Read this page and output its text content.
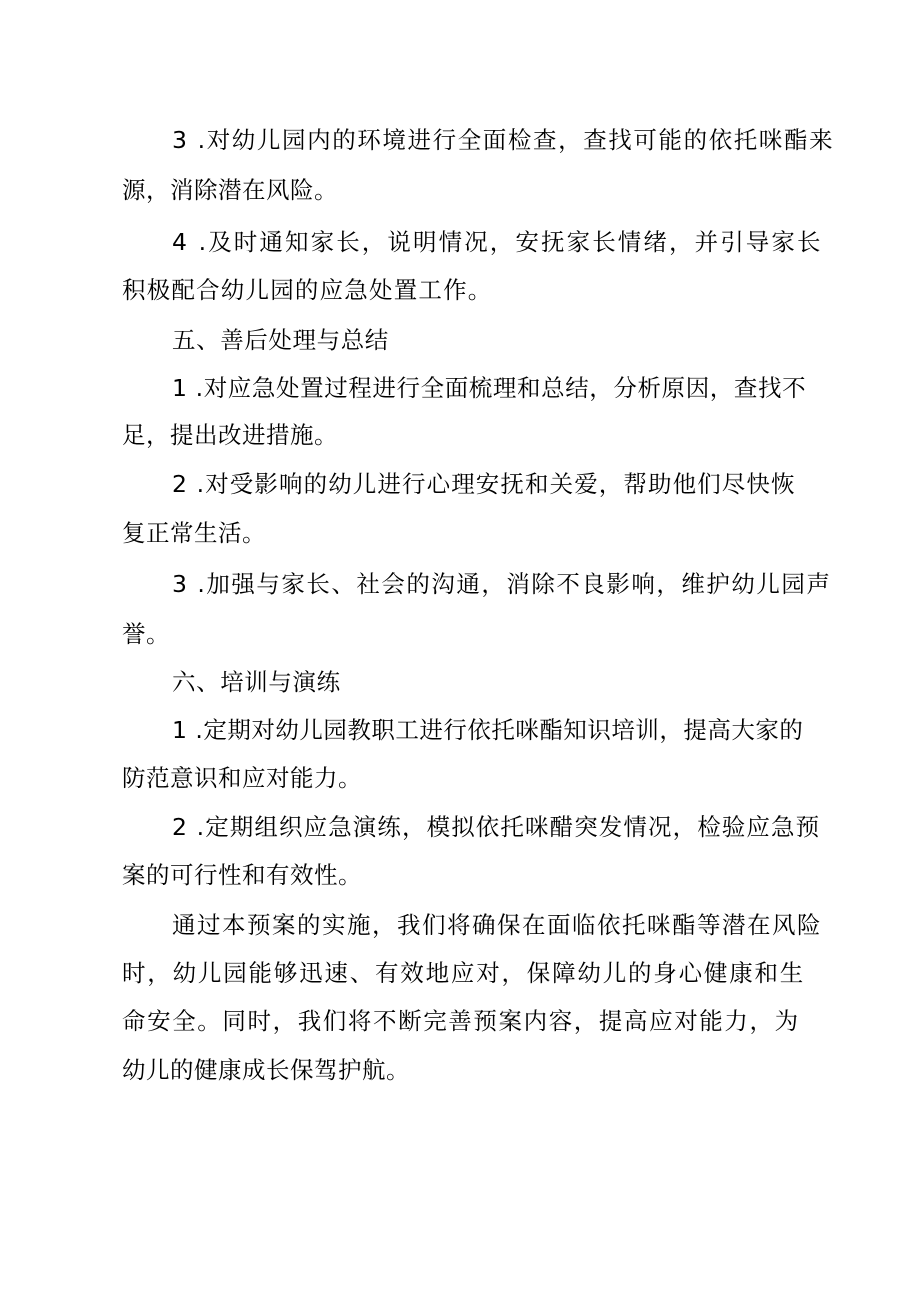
3 .对幼儿园内的环境进行全面检查，查找可能的依托咪酯来
源，消除潜在风险。
4 .及时通知家长，说明情况，安抚家长情绪，并引导家长
积极配合幼儿园的应急处置工作。
五、善后处理与总结
1 .对应急处置过程进行全面梳理和总结，分析原因，查找不
足，提出改进措施。
2 .对受影响的幼儿进行心理安抚和关爱，帮助他们尽快恢
复正常生活。
3 .加强与家长、社会的沟通，消除不良影响，维护幼儿园声
誉。
六、培训与演练
1 .定期对幼儿园教职工进行依托咪酯知识培训，提高大家的
防范意识和应对能力。
2 .定期组织应急演练，模拟依托咪醋突发情况，检验应急预
案的可行性和有效性。
通过本预案的实施，我们将确保在面临依托咪酯等潜在风险
时，幼儿园能够迅速、有效地应对，保障幼儿的身心健康和生
命安全。同时，我们将不断完善预案内容，提高应对能力，为
幼儿的健康成长保驾护航。
